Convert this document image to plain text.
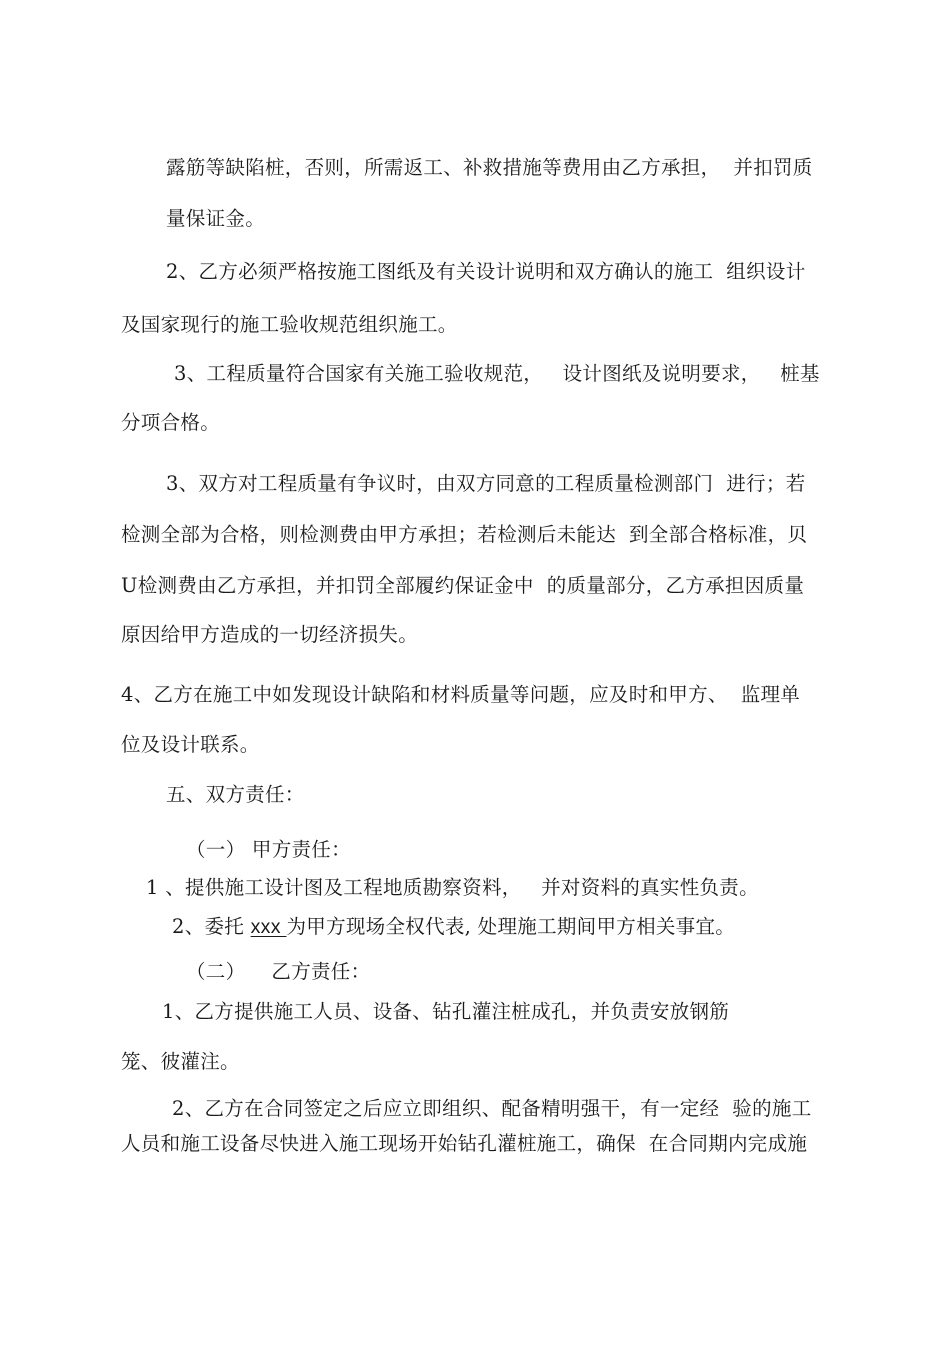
露筋等缺陷桩，否则，所需返工、补救措施等费用由乙方承担，  并扣罚质
量保证金。
2、乙方必须严格按施工图纸及有关设计说明和双方确认的施工  组织设计
及国家现行的施工验收规范组织施工。
3、工程质量符合国家有关施工验收规范，   设计图纸及说明要求，   桩基
分项合格。
3、双方对工程质量有争议时，由双方同意的工程质量检测部门  进行；若
检测全部为合格，则检测费由甲方承担；若检测后未能达  到全部合格标准，贝
U检测费由乙方承担，并扣罚全部履约保证金中  的质量部分，乙方承担因质量
原因给甲方造成的一切经济损失。
4、乙方在施工中如发现设计缺陷和材料质量等问题，应及时和甲方、  监理单
位及设计联系。
五、双方责任：
（一） 甲方责任：
1 、提供施工设计图及工程地质勘察资料，   并对资料的真实性负责。
2、委托 xxx 为甲方现场全权代表, 处理施工期间甲方相关事宜。
（二）    乙方责任：
1、乙方提供施工人员、设备、钻孔灌注桩成孔，并负责安放钢筋
笼、彼灌注。
2、乙方在合同签定之后应立即组织、配备精明强干，有一定经  验的施工
人员和施工设备尽快进入施工现场开始钻孔灌桩施工，确保  在合同期内完成施
